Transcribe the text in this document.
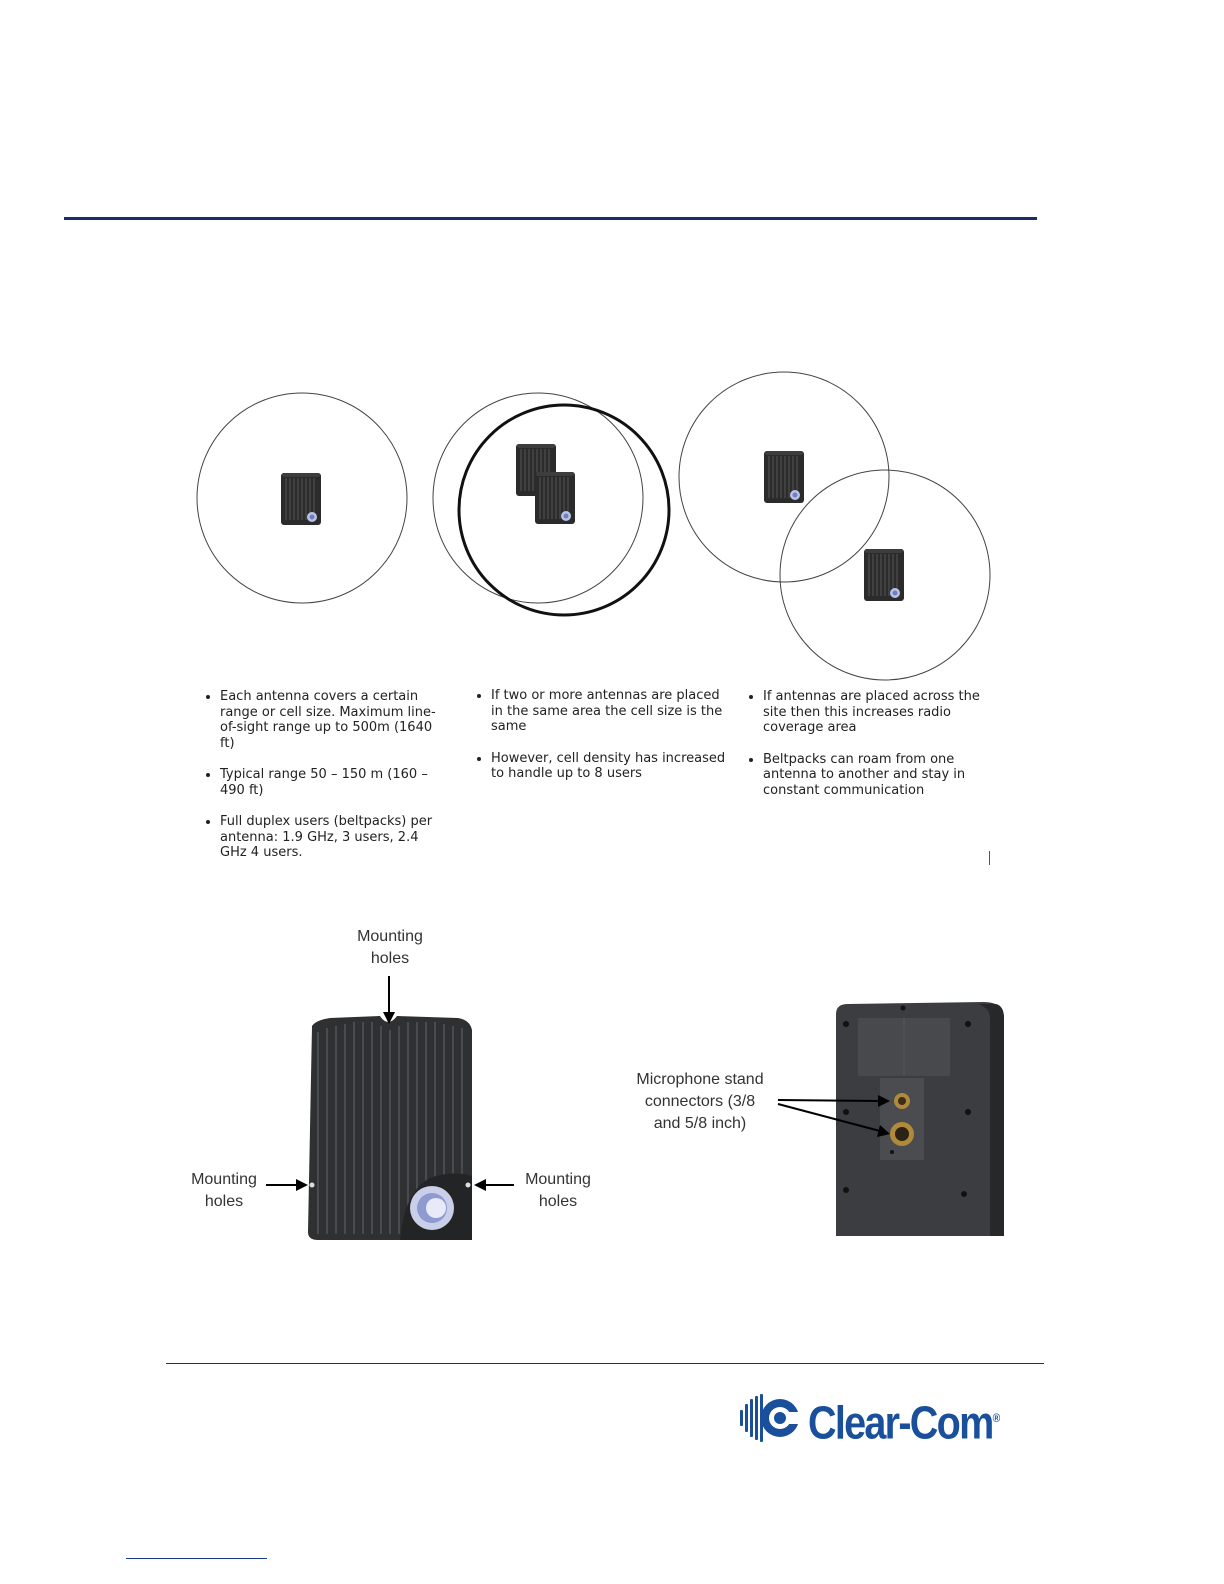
• Each antenna covers a certain range or cell size. Maximum line-of-sight range up to 500m (1640 ft)
• Typical range 50 – 150 m (160 – 490 ft)
• Full duplex users (beltpacks) per antenna: 1.9 GHz, 3 users, 2.4 GHz 4 users.
• If two or more antennas are placed in the same area the cell size is the same
• However, cell density has increased to handle up to 8 users
• If antennas are placed across the site then this increases radio coverage area
• Beltpacks can roam from one antenna to another and stay in constant communication
Mounting
holes
Mounting
holes
Mounting
holes
Microphone stand
connectors (3/8
and 5/8 inch)
Clear-Com®
